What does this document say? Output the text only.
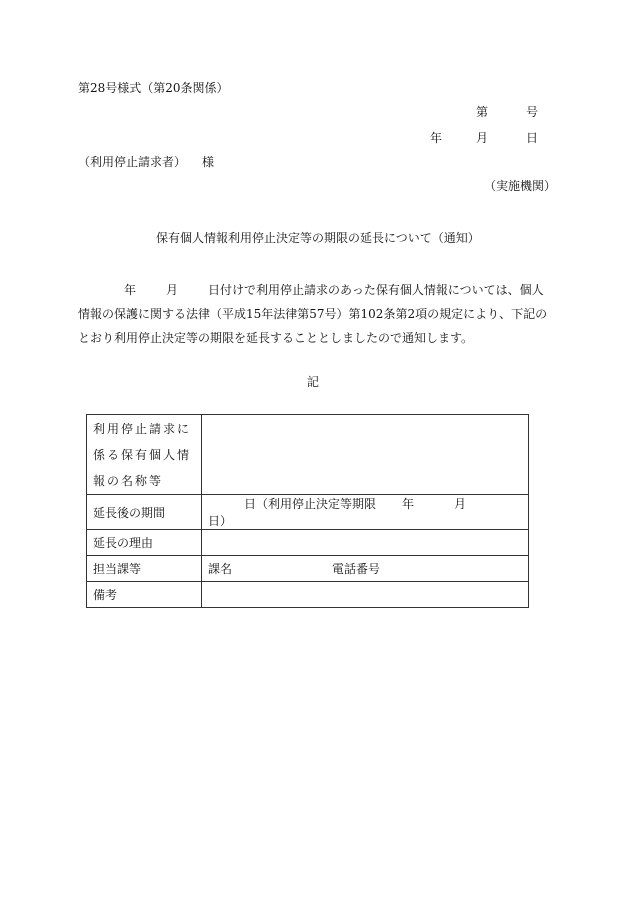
第28号様式（第20条関係）
第	号
年	月	日
（利用停止請求者） 様
（実施機関）
保有個人情報利用停止決定等の期限の延長について（通知）
年	月	日付けで利用停止請求のあった保有個人情報については、個人情報の保護に関する法律（平成15年法律第57号）第102条第2項の規定により、下記のとおり利用停止決定等の期限を延長することとしましたので通知します。
記
利用停止請求に係る保有個人情報の名称等	
延長後の期間	日（利用停止決定等期限 年 月日）
延長の理由	
担当課等	課名 電話番号
備考	
